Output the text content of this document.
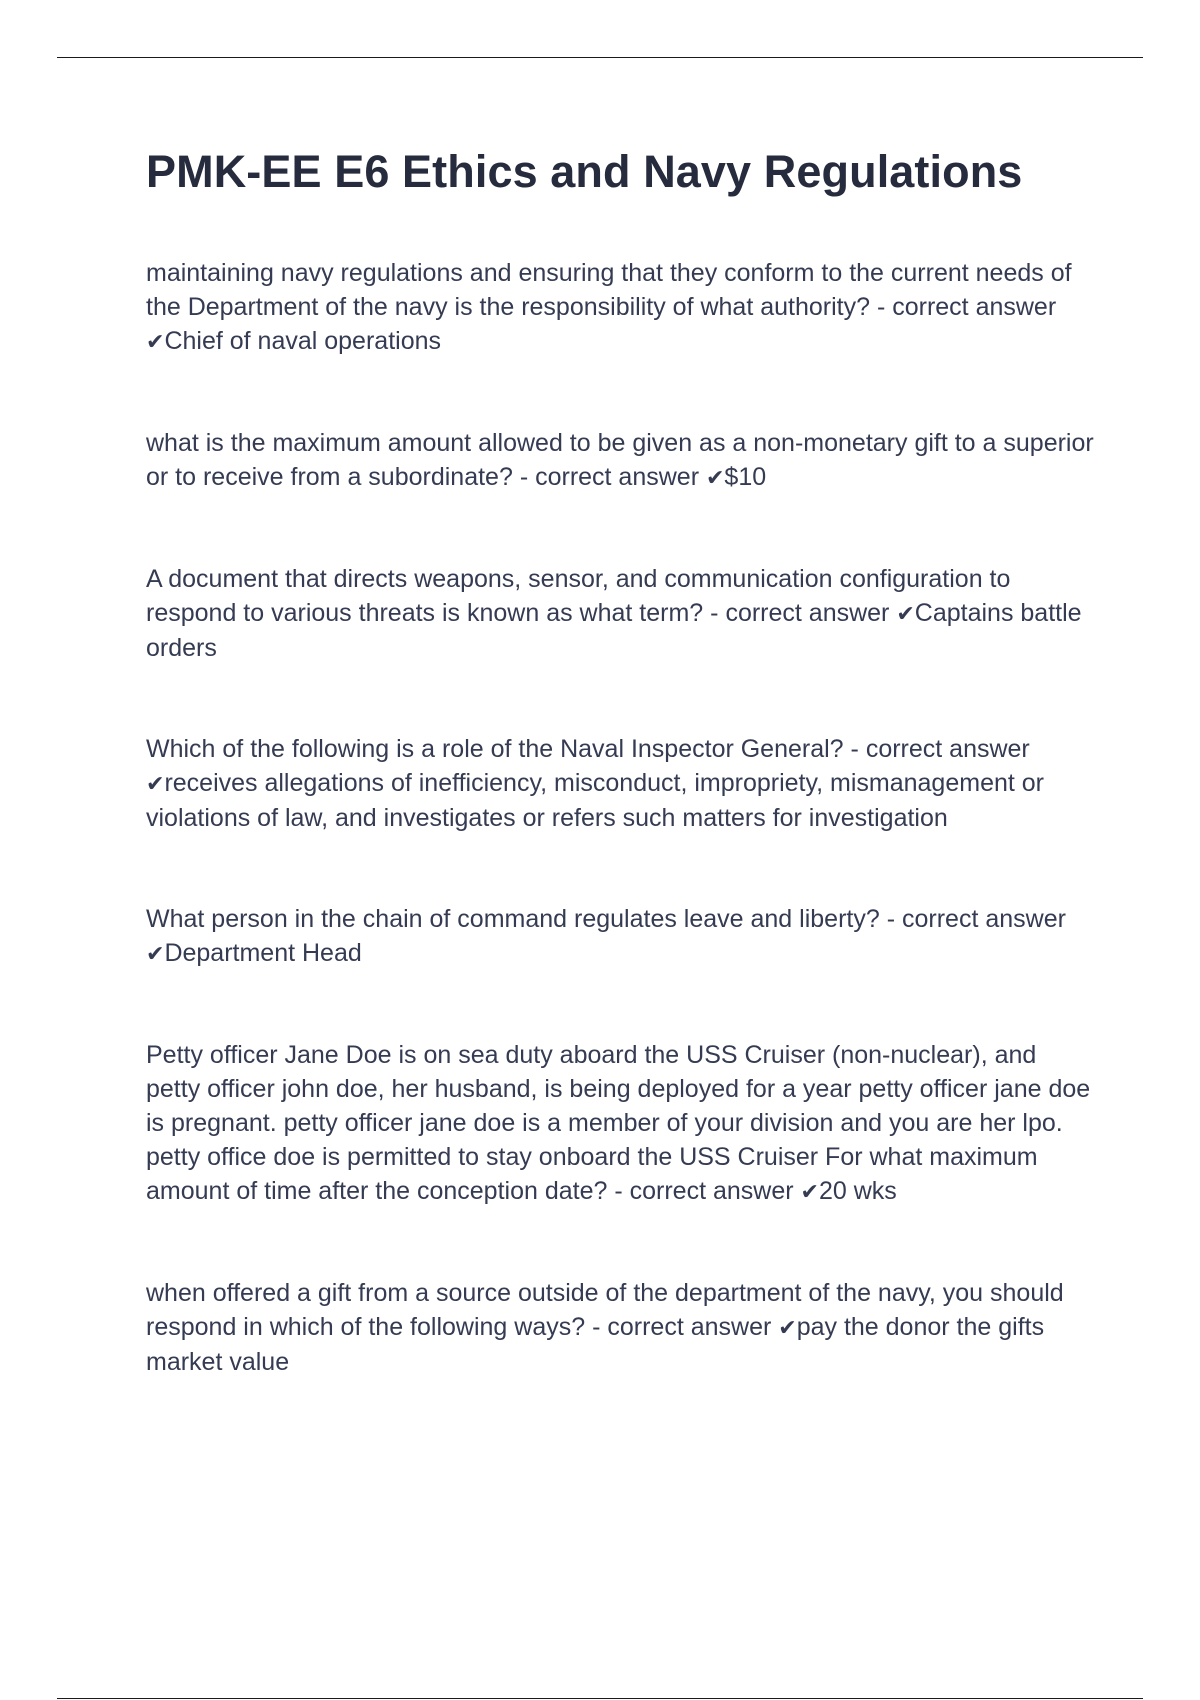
PMK-EE E6 Ethics and Navy Regulations

maintaining navy regulations and ensuring that they conform to the current needs of the Department of the navy is the responsibility of what authority? - correct answer ✔Chief of naval operations

what is the maximum amount allowed to be given as a non-monetary gift to a superior or to receive from a subordinate? - correct answer ✔$10

A document that directs weapons, sensor, and communication configuration to respond to various threats is known as what term? - correct answer ✔Captains battle orders

Which of the following is a role of the Naval Inspector General? - correct answer ✔receives allegations of inefficiency, misconduct, impropriety, mismanagement or violations of law, and investigates or refers such matters for investigation

What person in the chain of command regulates leave and liberty? - correct answer ✔Department Head

Petty officer Jane Doe is on sea duty aboard the USS Cruiser (non-nuclear), and petty officer john doe, her husband, is being deployed for a year petty officer jane doe is pregnant. petty officer jane doe is a member of your division and you are her lpo. petty office doe is permitted to stay onboard the USS Cruiser For what maximum amount of time after the conception date? - correct answer ✔20 wks

when offered a gift from a source outside of the department of the navy, you should respond in which of the following ways? - correct answer ✔pay the donor the gifts market value
